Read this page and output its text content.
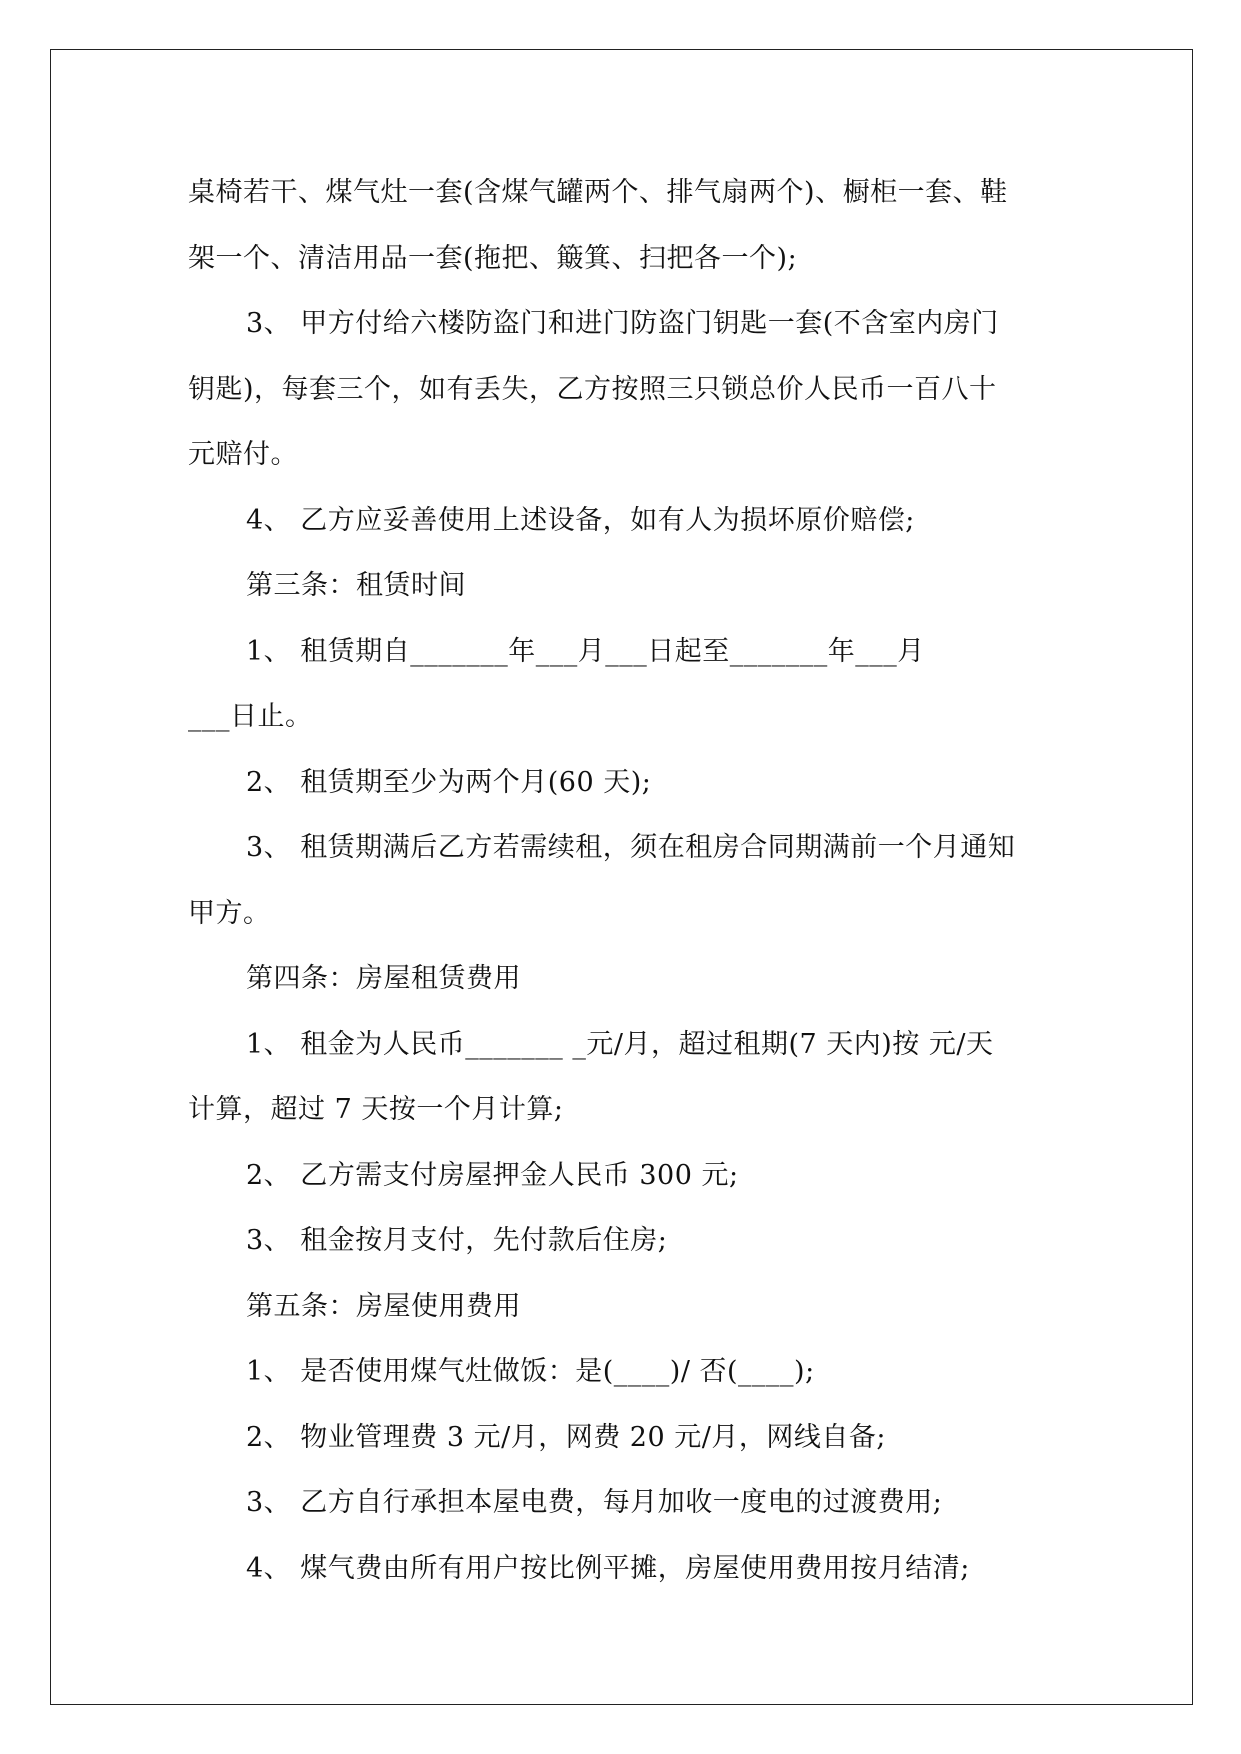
桌椅若干、煤气灶一套(含煤气罐两个、排气扇两个)、橱柜一套、鞋
架一个、清洁用品一套(拖把、簸箕、扫把各一个);
3、 甲方付给六楼防盗门和进门防盗门钥匙一套(不含室内房门
钥匙)，每套三个，如有丢失，乙方按照三只锁总价人民币一百八十
元赔付。
4、 乙方应妥善使用上述设备，如有人为损坏原价赔偿;
第三条：租赁时间
1、 租赁期自_______年___月___日起至_______年___月
___日止。
2、 租赁期至少为两个月(60 天);
3、 租赁期满后乙方若需续租，须在租房合同期满前一个月通知
甲方。
第四条：房屋租赁费用
1、 租金为人民币_______ _元/月，超过租期(7 天内)按 元/天
计算，超过 7 天按一个月计算;
2、 乙方需支付房屋押金人民币 300 元;
3、 租金按月支付，先付款后住房;
第五条：房屋使用费用
1、 是否使用煤气灶做饭：是(____)/ 否(____);
2、 物业管理费 3 元/月，网费 20 元/月，网线自备;
3、 乙方自行承担本屋电费，每月加收一度电的过渡费用;
4、 煤气费由所有用户按比例平摊，房屋使用费用按月结清;
